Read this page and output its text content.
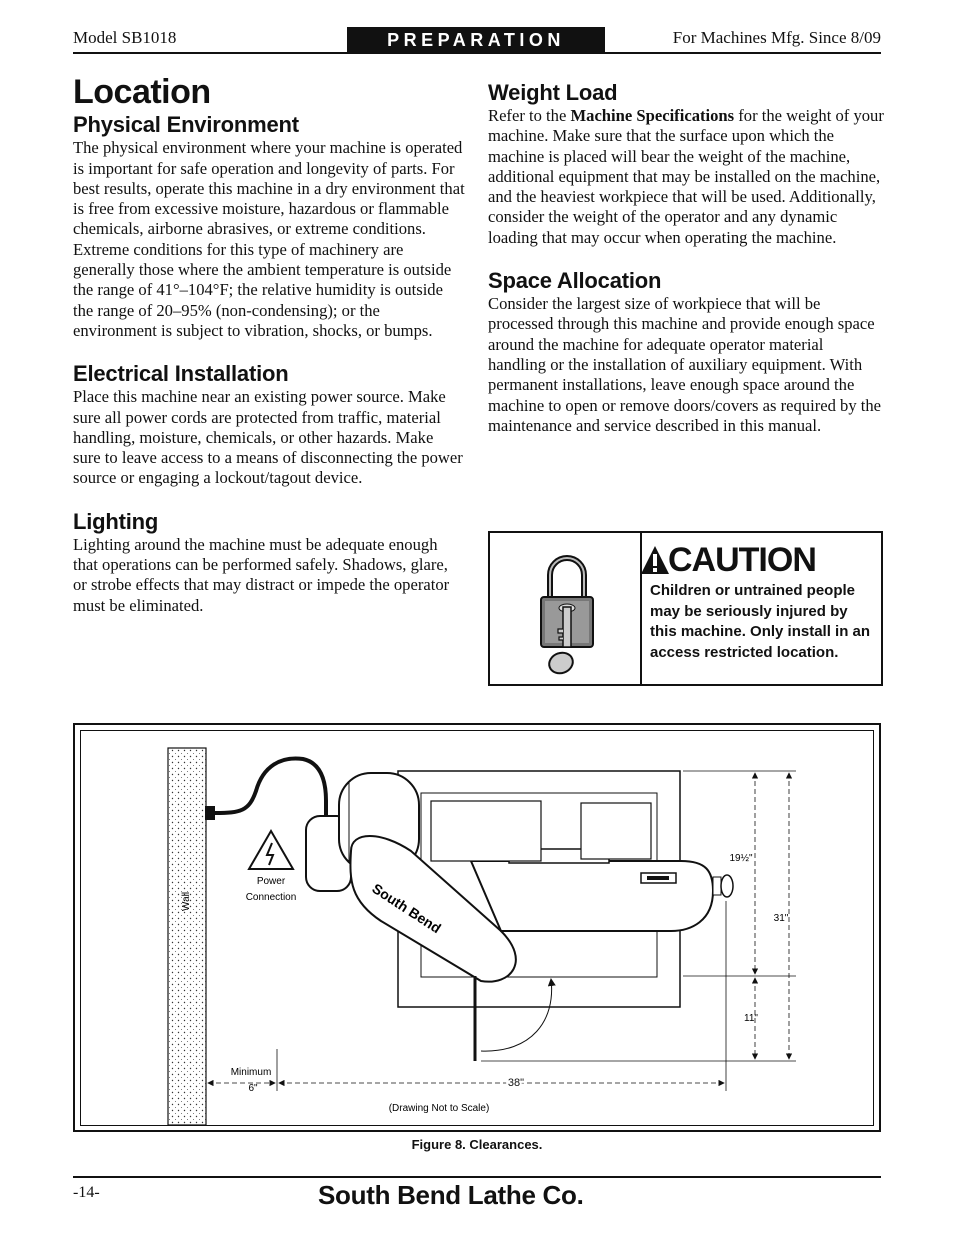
Model SB1018	PREPARATION	For Machines Mfg. Since 8/09
Location
Physical Environment

The physical environment where your machine is operated is important for safe operation and longevity of parts. For best results, operate this machine in a dry environment that is free from excessive moisture, hazardous or flammable chemicals, airborne abrasives, or extreme conditions. Extreme conditions for this type of machinery are generally those where the ambient temperature is outside the range of 41°–104°F; the relative humidity is outside the range of 20–95% (non-condensing); or the environment is subject to vibration, shocks, or bumps.

Electrical Installation

Place this machine near an existing power source. Make sure all power cords are protected from traffic, material handling, moisture, chemicals, or other hazards. Make sure to leave access to a means of disconnecting the power source or engaging a lockout/tagout device.

Lighting

Lighting around the machine must be adequate enough that operations can be performed safely. Shadows, glare, or strobe effects that may distract or impede the operator must be eliminated.

Weight Load

Refer to the Machine Specifications for the weight of your machine. Make sure that the surface upon which the machine is placed will bear the weight of the machine, additional equipment that may be installed on the machine, and the heaviest workpiece that will be used. Additionally, consider the weight of the operator and any dynamic loading that may occur when operating the machine.

Space Allocation

Consider the largest size of workpiece that will be processed through this machine and provide enough space around the machine for adequate operator material handling or the installation of auxiliary equipment. With permanent installations, leave enough space around the machine to open or remove doors/covers as required by the maintenance and service described in this manual.

CAUTION
Children or untrained people may be seriously injured by this machine. Only install in an access restricted location.
Wall
Power
Connection	South Bend
19½"
31"
11"
Minimum
6"	38"
(Drawing Not to Scale)
Figure 8. Clearances.
-14-	South Bend Lathe Co.
